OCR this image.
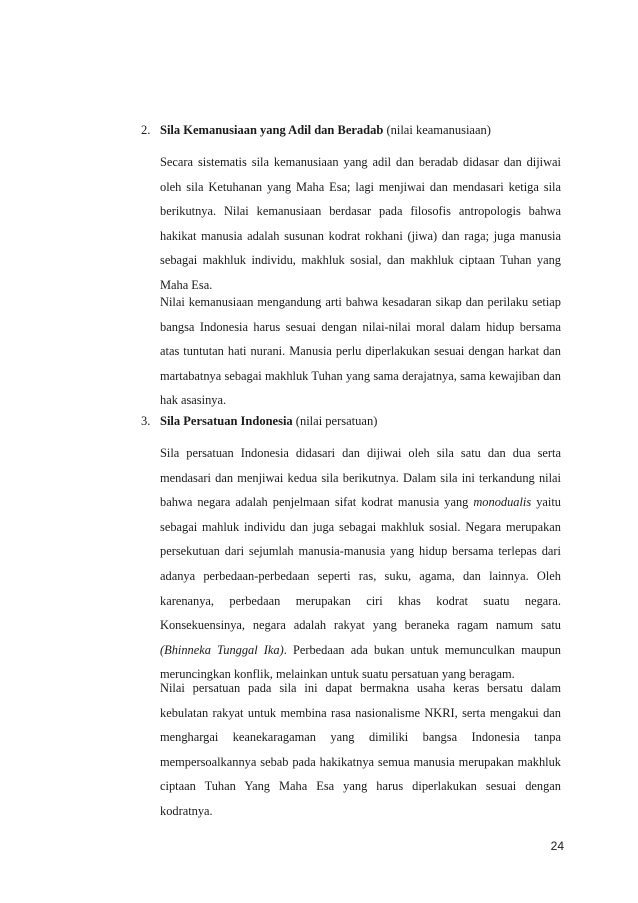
2. Sila Kemanusiaan yang Adil dan Beradab (nilai keamanusiaan)

Secara sistematis sila kemanusiaan yang adil dan beradab didasar dan dijiwai oleh sila Ketuhanan yang Maha Esa; lagi menjiwai dan mendasari ketiga sila berikutnya. Nilai kemanusiaan berdasar pada filosofis antropologis bahwa hakikat manusia adalah susunan kodrat rokhani (jiwa) dan raga; juga manusia sebagai makhluk individu, makhluk sosial, dan makhluk ciptaan Tuhan yang Maha Esa.

Nilai kemanusiaan mengandung arti bahwa kesadaran sikap dan perilaku setiap bangsa Indonesia harus sesuai dengan nilai-nilai moral dalam hidup bersama atas tuntutan hati nurani. Manusia perlu diperlakukan sesuai dengan harkat dan martabatnya sebagai makhluk Tuhan yang sama derajatnya, sama kewajiban dan hak asasinya.

3. Sila Persatuan Indonesia (nilai persatuan)

Sila persatuan Indonesia didasari dan dijiwai oleh sila satu dan dua serta mendasari dan menjiwai kedua sila berikutnya. Dalam sila ini terkandung nilai bahwa negara adalah penjelmaan sifat kodrat manusia yang monodualis yaitu sebagai mahluk individu dan juga sebagai makhluk sosial. Negara merupakan persekutuan dari sejumlah manusia-manusia yang hidup bersama terlepas dari adanya perbedaan-perbedaan seperti ras, suku, agama, dan lainnya. Oleh karenanya, perbedaan merupakan ciri khas kodrat suatu negara. Konsekuensinya, negara adalah rakyat yang beraneka ragam namum satu (Bhinneka Tunggal Ika). Perbedaan ada bukan untuk memunculkan maupun meruncingkan konflik, melainkan untuk suatu persatuan yang beragam.

Nilai persatuan pada sila ini dapat bermakna usaha keras bersatu dalam kebulatan rakyat untuk membina rasa nasionalisme NKRI, serta mengakui dan menghargai keanekaragaman yang dimiliki bangsa Indonesia tanpa mempersoalkannya sebab pada hakikatnya semua manusia merupakan makhluk ciptaan Tuhan Yang Maha Esa yang harus diperlakukan sesuai dengan kodratnya.

24
